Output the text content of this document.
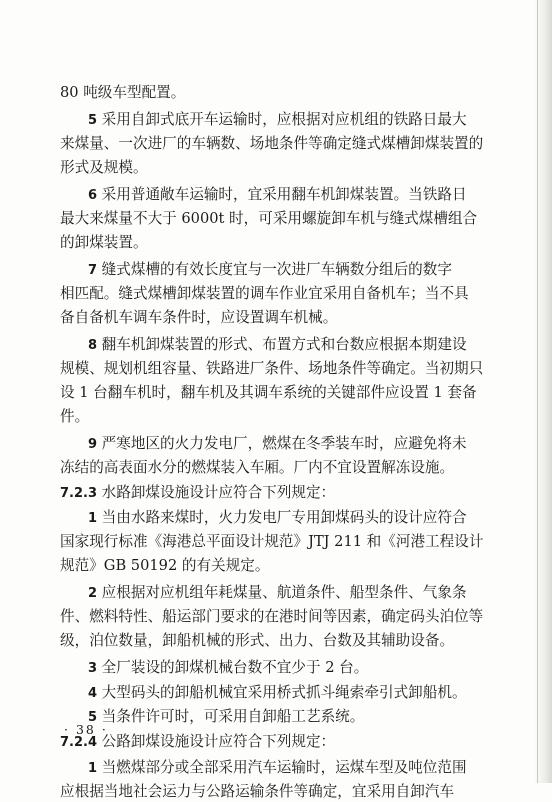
80 吨级车型配置。
5 采用自卸式底开车运输时，应根据对应机组的铁路日最大
来煤量、一次进厂的车辆数、场地条件等确定缝式煤槽卸煤装置的
形式及规模。
6 采用普通敞车运输时，宜采用翻车机卸煤装置。当铁路日
最大来煤量不大于 6000t 时，可采用螺旋卸车机与缝式煤槽组合
的卸煤装置。
7 缝式煤槽的有效长度宜与一次进厂车辆数分组后的数字
相匹配。缝式煤槽卸煤装置的调车作业宜采用自备机车；当不具
备自备机车调车条件时，应设置调车机械。
8 翻车机卸煤装置的形式、布置方式和台数应根据本期建设
规模、规划机组容量、铁路进厂条件、场地条件等确定。当初期只
设 1 台翻车机时，翻车机及其调车系统的关键部件应设置 1 套备
件。
9 严寒地区的火力发电厂，燃煤在冬季装车时，应避免将未
冻结的高表面水分的燃煤装入车厢。厂内不宜设置解冻设施。
7.2.3 水路卸煤设施设计应符合下列规定：
1 当由水路来煤时，火力发电厂专用卸煤码头的设计应符合
国家现行标准《海港总平面设计规范》JTJ 211 和《河港工程设计
规范》GB 50192 的有关规定。
2 应根据对应机组年耗煤量、航道条件、船型条件、气象条
件、燃料特性、船运部门要求的在港时间等因素，确定码头泊位等
级，泊位数量，卸船机械的形式、出力、台数及其辅助设备。
3 全厂装设的卸煤机械台数不宜少于 2 台。
4 大型码头的卸船机械宜采用桥式抓斗绳索牵引式卸船机。
5 当条件许可时，可采用自卸船工艺系统。
7.2.4 公路卸煤设施设计应符合下列规定：
1 当燃煤部分或全部采用汽车运输时，运煤车型及吨位范围
应根据当地社会运力与公路运输条件等确定，宜采用自卸汽车
· 38 ·
